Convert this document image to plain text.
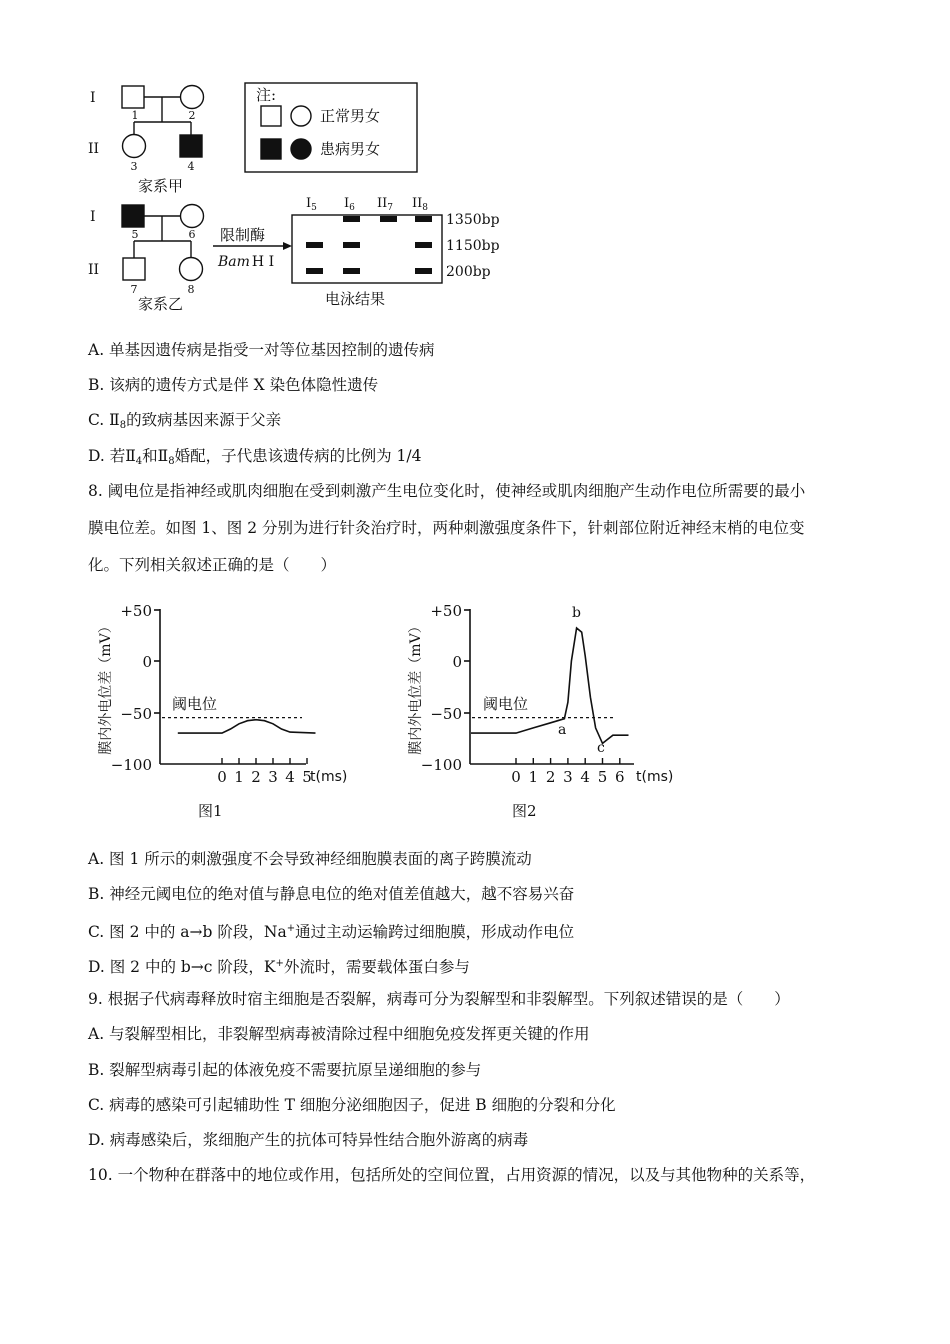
I
II
I
II
1	2
3	4
5	6
7	8
家系甲
家系乙
注:
正常男女
患病男女
限制酶
电泳结果
Bam H I
$I_5$ $I_6$ $II_7$ $II_8$
1350bp
1150bp
200bp
A. 单基因遗传病是指受一对等位基因控制的遗传病
B. 该病的遗传方式是伴 X 染色体隐性遗传
C. $Ⅱ_8$的致病基因来源于父亲
D. 若$Ⅱ_4$和$Ⅱ_8$婚配，子代患该遗传病的比例为 1/4
8. 阈电位是指神经或肌肉细胞在受到刺激产生电位变化时，使神经或肌肉细胞产生动作电位所需要的最小
膜电位差。如图 1、图 2 分别为进行针灸治疗时，两种刺激强度条件下，针刺部位附近神经末梢的电位变
化。下列相关叙述正确的是（　　）
+50
0
−50
−100
+50
0
−50
−100
膜内外电位差（mV）	膜内外电位差（mV）
阈电位	阈电位
t(ms)	t(ms)
图1	图2
a
b
c
0 1 2 3 4 5	0 1 2 3 4 5 6
A. 图 1 所示的刺激强度不会导致神经细胞膜表面的离子跨膜流动
B. 神经元阈电位的绝对值与静息电位的绝对值差值越大，越不容易兴奋
C. 图 2 中的 a→b 阶段，Na+通过主动运输跨过细胞膜，形成动作电位
D. 图 2 中的 b→c 阶段，K+外流时，需要载体蛋白参与
9. 根据子代病毒释放时宿主细胞是否裂解，病毒可分为裂解型和非裂解型。下列叙述错误的是（　　）
A. 与裂解型相比，非裂解型病毒被清除过程中细胞免疫发挥更关键的作用
B. 裂解型病毒引起的体液免疫不需要抗原呈递细胞的参与
C. 病毒的感染可引起辅助性 T 细胞分泌细胞因子，促进 B 细胞的分裂和分化
D. 病毒感染后，浆细胞产生的抗体可特异性结合胞外游离的病毒
10. 一个物种在群落中的地位或作用，包括所处的空间位置，占用资源的情况，以及与其他物种的关系等，
